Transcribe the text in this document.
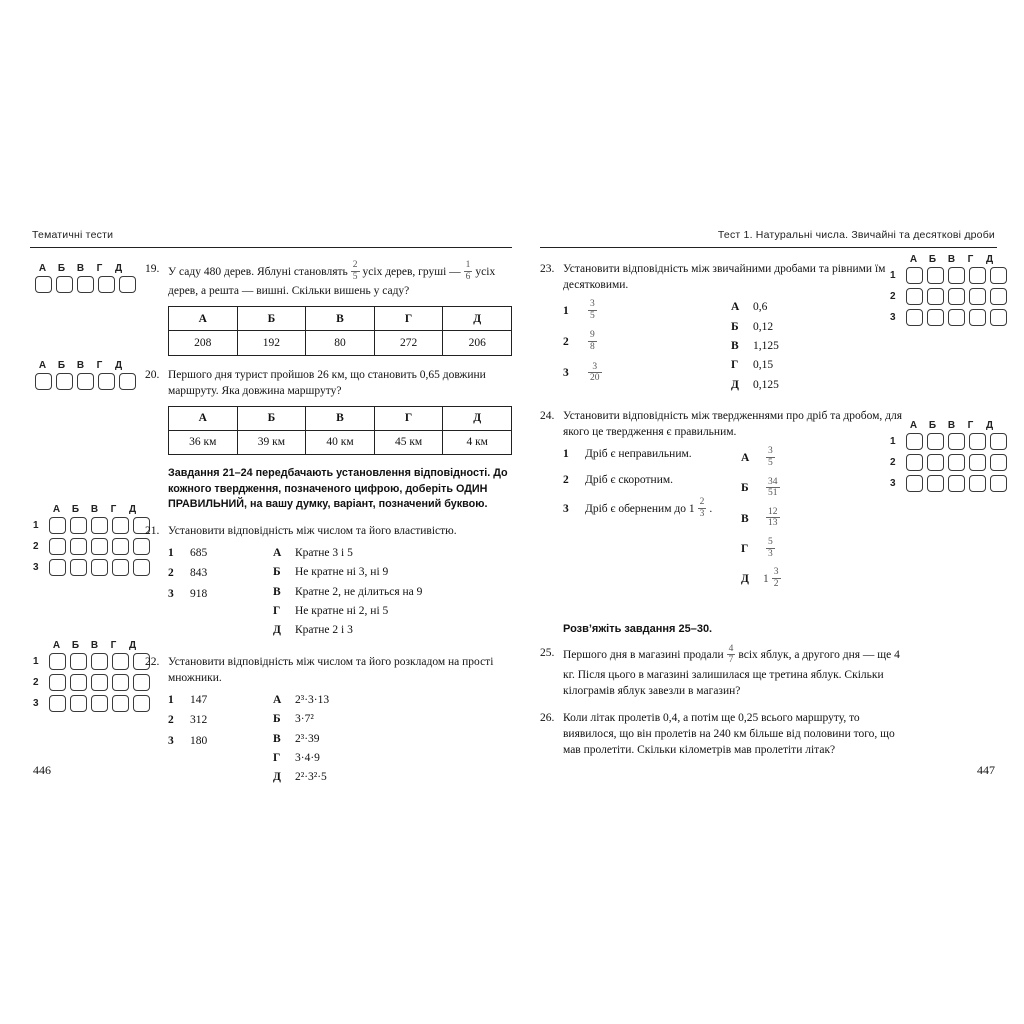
Тематичні тести
А	Б	В	Г	Д
А	Б	В	Г	Д
А	Б	В	Г	Д
1
2
3
А	Б	В	Г	Д
1
2
3
19. У саду 480 дерев. Яблуні становлять $\frac{2}{5}$ усіх дерев, груші — $\frac{1}{6}$ усіх дерев, а решта — вишні. Скільки вишень у саду?
А	Б	В	Г	Д
208	192	80	272	206
20. Першого дня турист пройшов 26 км, що становить 0,65 довжини маршруту. Яка довжина маршруту?
А	Б	В	Г	Д
36 км	39 км	40 км	45 км	4 км
Завдання 21–24 передбачають установлення відповідності. До кожного твердження, позначеного цифрою, доберіть ОДИН ПРАВИЛЬНИЙ, на вашу думку, варіант, позначений буквою.
21. Установити відповідність між числом та його властивістю.
1 685
2 843
3 918
А Кратне 3 і 5
Б Не кратне ні 3, ні 9
В Кратне 2, не ділиться на 9
Г Не кратне ні 2, ні 5
Д Кратне 2 і 3
22. Установити відповідність між числом та його розкладом на прості множники.
1 147
2 312
3 180
А 2³·3·13
Б 3·7²
В 2³·39
Г 3·4·9
Д 2²·3²·5
Тест 1. Натуральні числа. Звичайні та десяткові дроби
А	Б	В	Г	Д
1
2
3
А	Б	В	Г	Д
1
2
3
23. Установити відповідність між звичайними дробами та рівними їм десятковими.
$1 \frac{3}{5}$
$2 \frac{9}{8}$
$3 \frac{3}{20}$
А 0,6
Б 0,12
В 1,125
Г 0,15
Д 0,125
24. Установити відповідність між твердженнями про дріб та дробом, для якого це твердження є правильним.
1 Дріб є неправильним.
2 Дріб є скоротним.
3 Дріб є оберненим до $1 \frac{2}{3}$ .
А $\frac{3}{5}$
Б $\frac{34}{51}$
В $\frac{12}{13}$
Г $\frac{5}{3}$
Д $1 \frac{3}{2}$
Розв’яжіть завдання 25–30.
25. Першого дня в магазині продали $\frac{4}{7}$ всіх яблук, а другого дня — ще 4 кг. Після цього в магазині залишилася ще третина яблук. Скільки кілограмів яблук завезли в магазин?
26. Коли літак пролетів 0,4, а потім ще 0,25 всього маршруту, то виявилося, що він пролетів на 240 км більше від половини того, що мав пролетіти. Скільки кілометрів мав пролетіти літак?
446	447
